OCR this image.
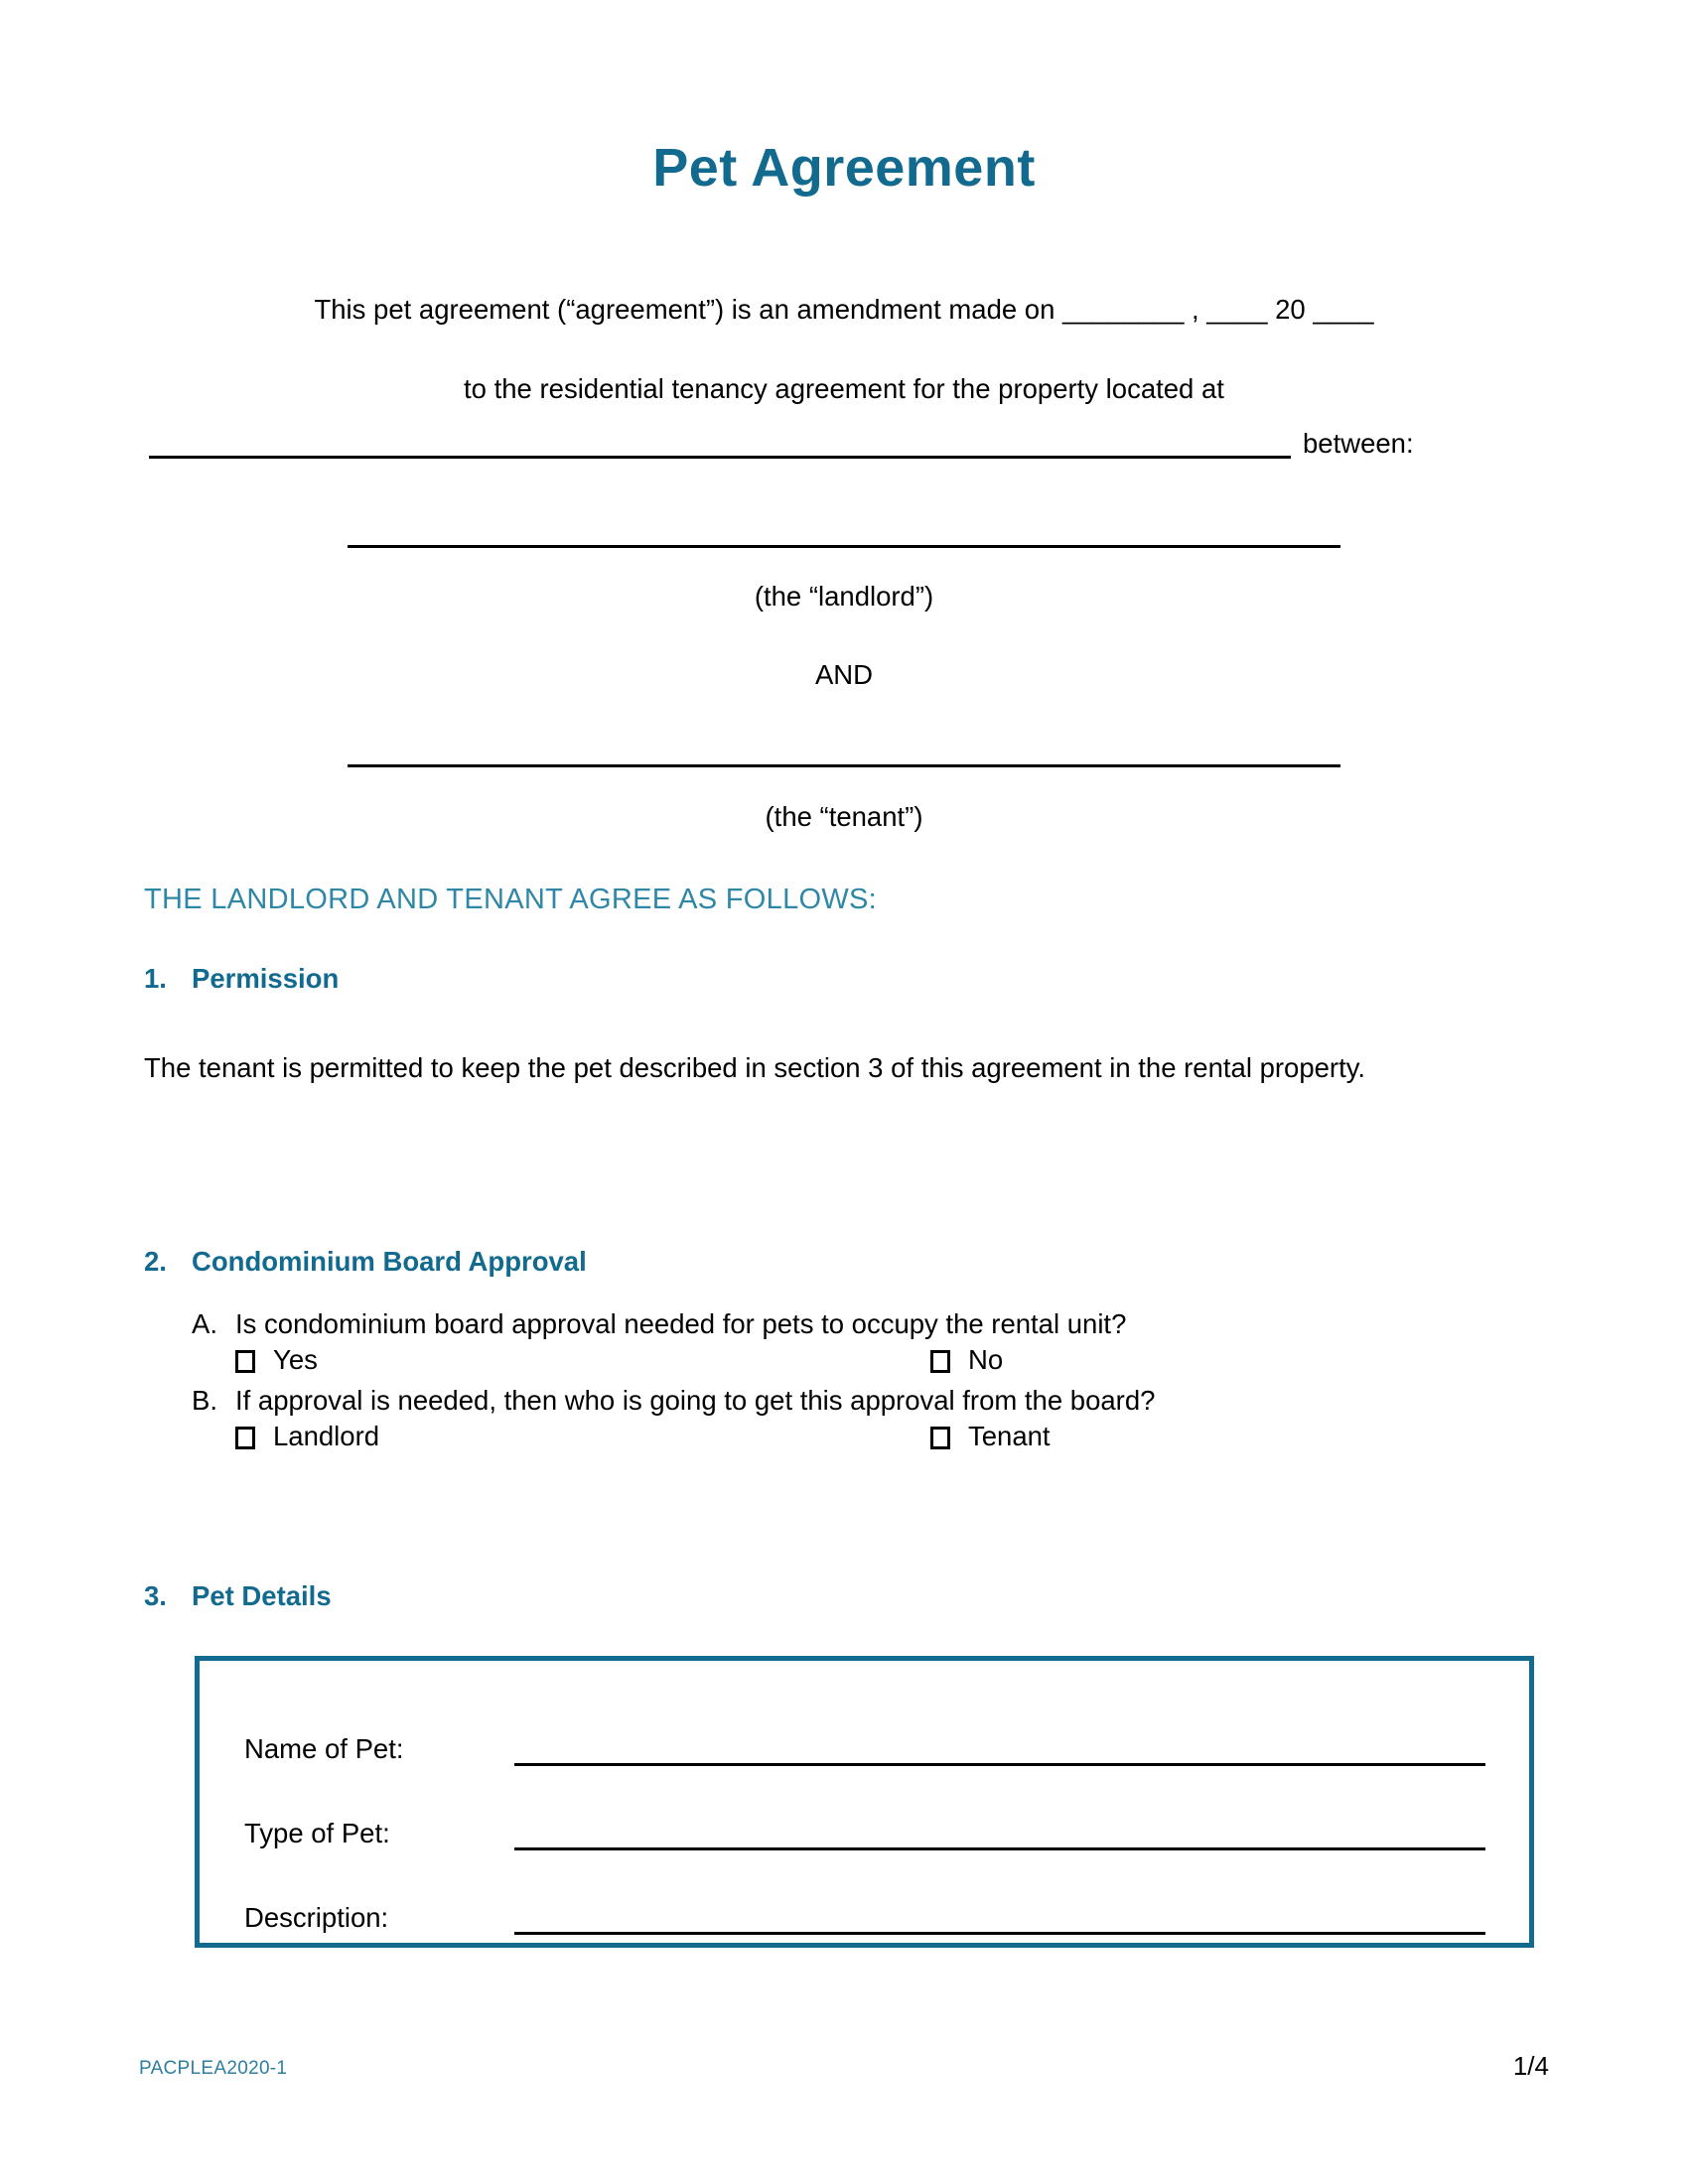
Pet Agreement
This pet agreement (“agreement”) is an amendment made on ________ , ____ 20 ____
to the residential tenancy agreement for the property located at
between:
(the “landlord”)
AND
(the “tenant”)
THE LANDLORD AND TENANT AGREE AS FOLLOWS:
1. Permission
The tenant is permitted to keep the pet described in section 3 of this agreement in the rental property.
2. Condominium Board Approval
A. Is condominium board approval needed for pets to occupy the rental unit?
Yes	No
B. If approval is needed, then who is going to get this approval from the board?
Landlord	Tenant
3. Pet Details
Name of Pet:
Type of Pet:
Description:
PACPLEA2020-1	1/4
